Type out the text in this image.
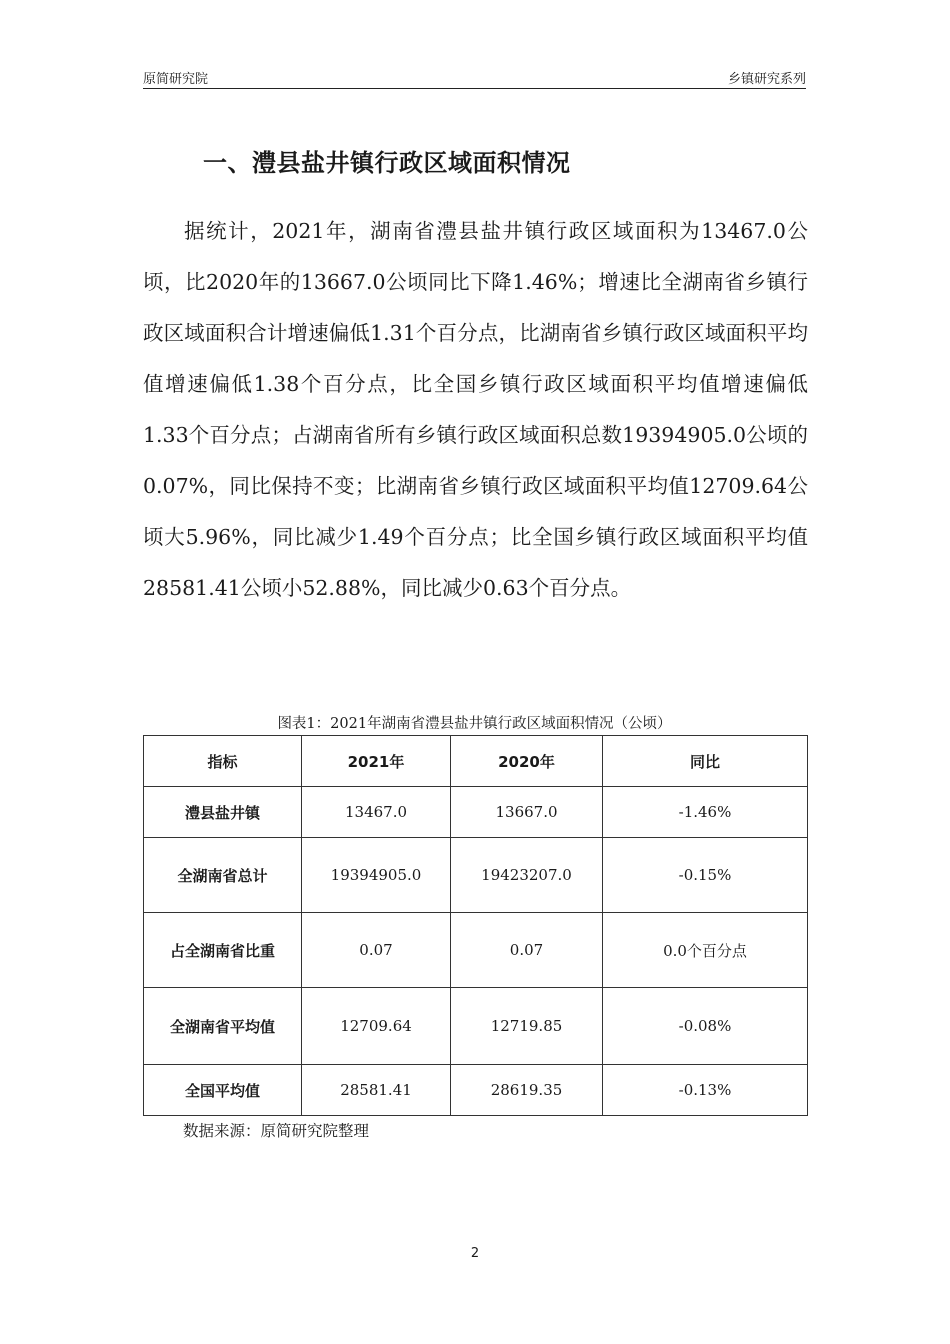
原简研究院	乡镇研究系列
一、澧县盐井镇行政区域面积情况

据统计，2021年，湖南省澧县盐井镇行政区域面积为13467.0公顷，比2020年的13667.0公顷同比下降1.46%；增速比全湖南省乡镇行政区域面积合计增速偏低1.31个百分点，比湖南省乡镇行政区域面积平均值增速偏低1.38个百分点，比全国乡镇行政区域面积平均值增速偏低1.33个百分点；占湖南省所有乡镇行政区域面积总数19394905.0公顷的0.07%，同比保持不变；比湖南省乡镇行政区域面积平均值12709.64公顷大5.96%，同比减少1.49个百分点；比全国乡镇行政区域面积平均值28581.41公顷小52.88%，同比减少0.63个百分点。

图表1：2021年湖南省澧县盐井镇行政区域面积情况（公顷）
指标	2021年	2020年	同比
澧县盐井镇	13467.0	13667.0	-1.46%
全湖南省总计	19394905.0	19423207.0	-0.15%
占全湖南省比重	0.07	0.07	0.0个百分点
全湖南省平均值	12709.64	12719.85	-0.08%
全国平均值	28581.41	28619.35	-0.13%
数据来源：原简研究院整理
2
